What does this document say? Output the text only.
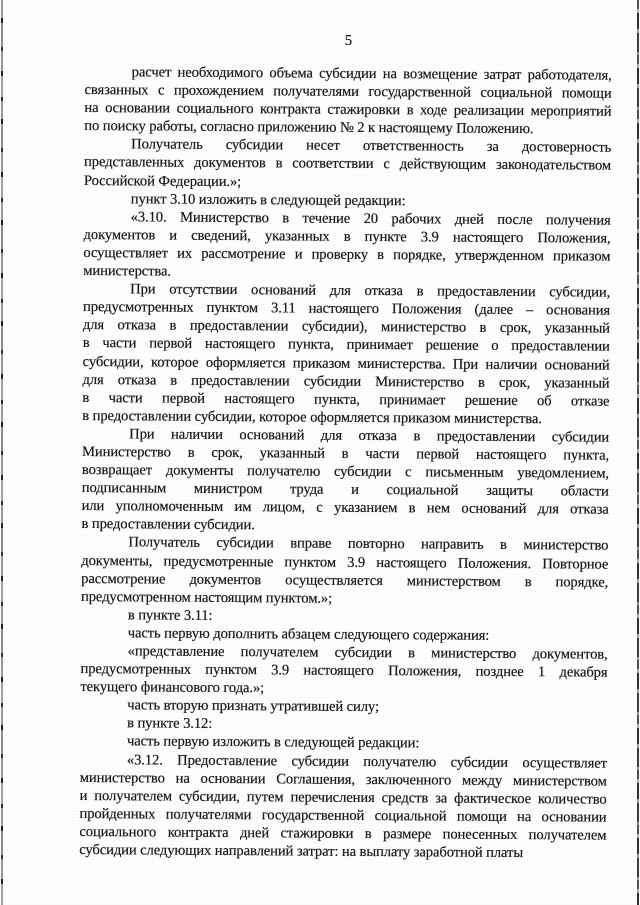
5
расчет необходимого объема субсидии на возмещение затрат работодателя,
связанных с прохождением получателями государственной социальной помощи
на основании социального контракта стажировки в ходе реализации мероприятий
по поиску работы, согласно приложению № 2 к настоящему Положению.
Получатель субсидии несет ответственность за достоверность
представленных документов в соответствии с действующим законодательством
Российской Федерации.»;
пункт 3.10 изложить в следующей редакции:
«3.10. Министерство в течение 20 рабочих дней после получения
документов и сведений, указанных в пункте 3.9 настоящего Положения,
осуществляет их рассмотрение и проверку в порядке, утвержденном приказом
министерства.
При отсутствии оснований для отказа в предоставлении субсидии,
предусмотренных пунктом 3.11 настоящего Положения (далее – основания
для отказа в предоставлении субсидии), министерство в срок, указанный
в части первой настоящего пункта, принимает решение о предоставлении
субсидии, которое оформляется приказом министерства. При наличии оснований
для отказа в предоставлении субсидии Министерство в срок, указанный
в части первой настоящего пункта, принимает решение об отказе
в предоставлении субсидии, которое оформляется приказом министерства.
При наличии оснований для отказа в предоставлении субсидии
Министерство в срок, указанный в части первой настоящего пункта,
возвращает документы получателю субсидии с письменным уведомлением,
подписанным министром труда и социальной защиты области
или уполномоченным им лицом, с указанием в нем оснований для отказа
в предоставлении субсидии.
Получатель субсидии вправе повторно направить в министерство
документы, предусмотренные пунктом 3.9 настоящего Положения. Повторное
рассмотрение документов осуществляется министерством в порядке,
предусмотренном настоящим пунктом.»;
в пункте 3.11:
часть первую дополнить абзацем следующего содержания:
«представление получателем субсидии в министерство документов,
предусмотренных пунктом 3.9 настоящего Положения, позднее 1 декабря
текущего финансового года.»;
часть вторую признать утратившей силу;
в пункте 3.12:
часть первую изложить в следующей редакции:
«3.12. Предоставление субсидии получателю субсидии осуществляет
министерство на основании Соглашения, заключенного между министерством
и получателем субсидии, путем перечисления средств за фактическое количество
пройденных получателями государственной социальной помощи на основании
социального контракта дней стажировки в размере понесенных получателем
субсидии следующих направлений затрат: на выплату заработной платы
